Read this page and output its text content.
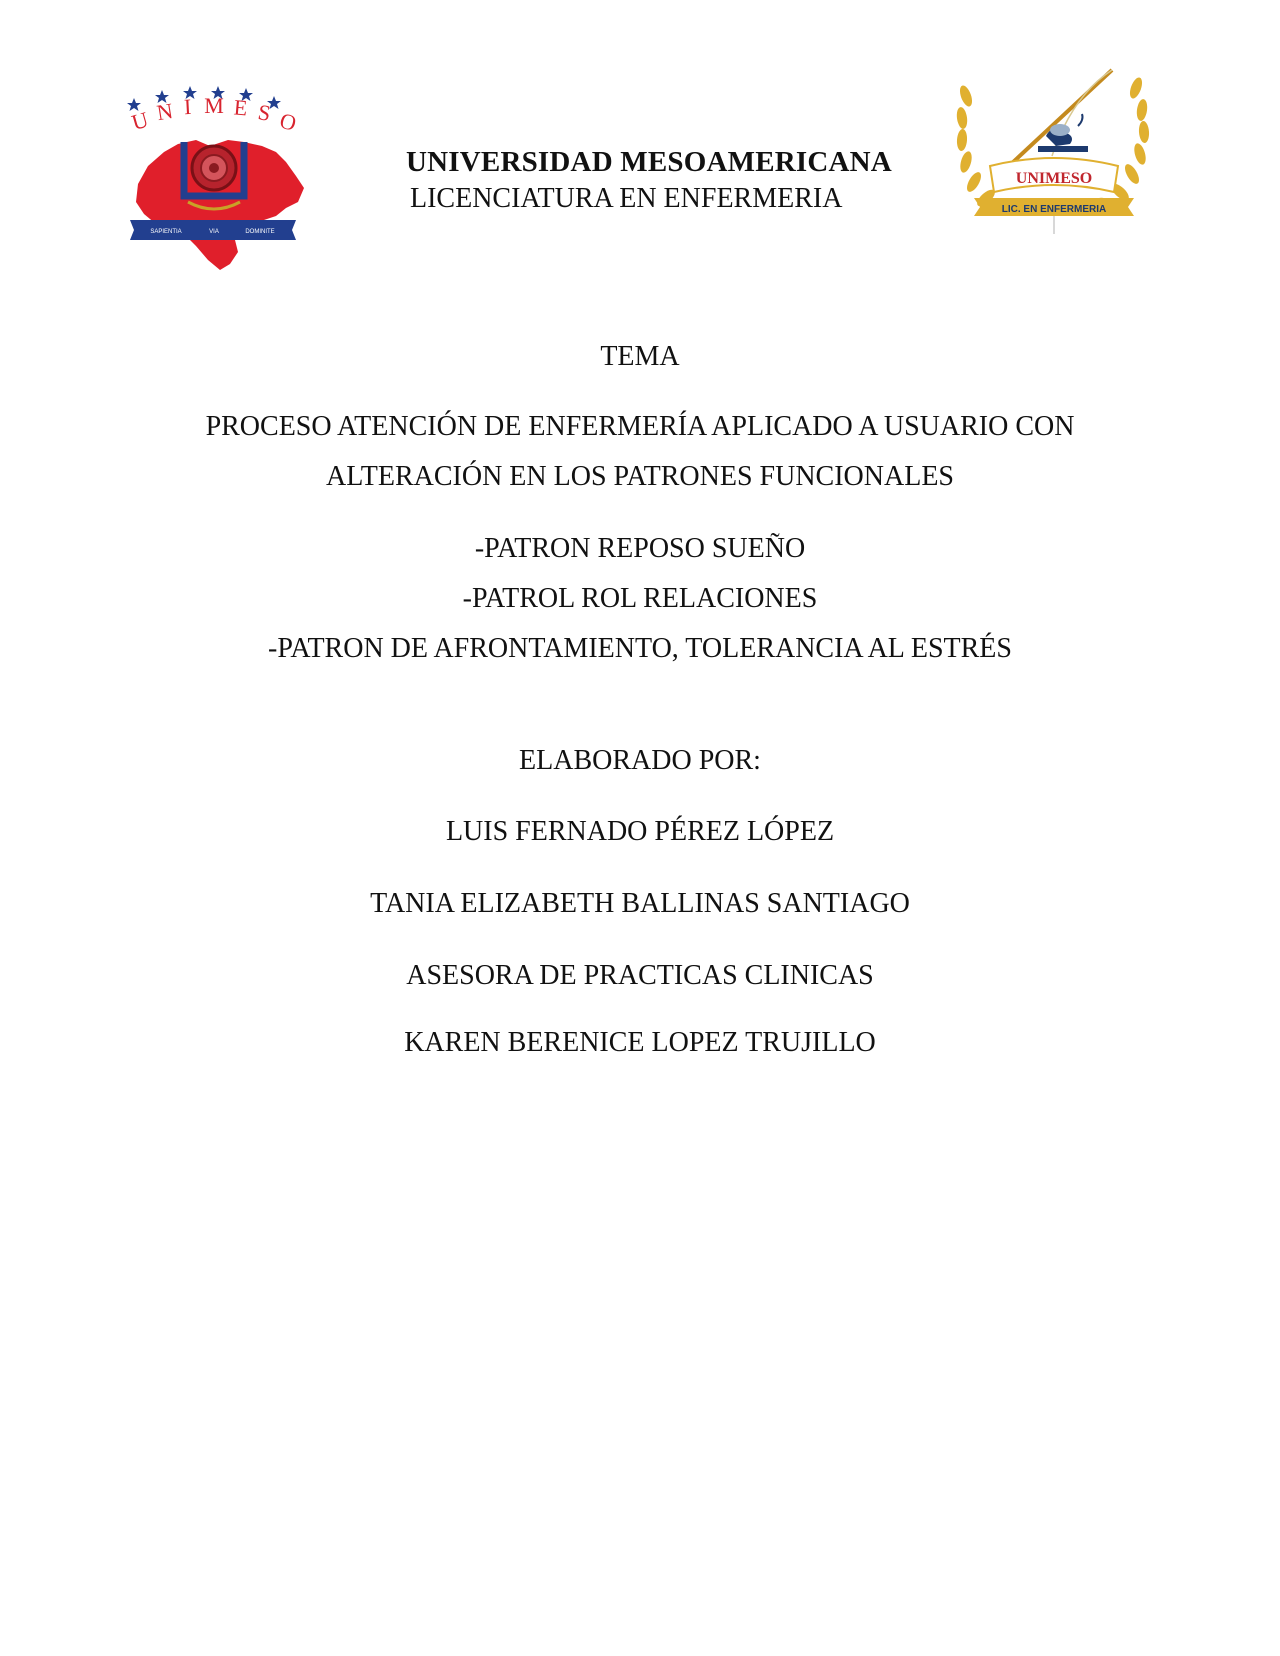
U N I M E S O
SAPIENTIA	VIA	DOMINITE
UNIVERSIDAD MESOAMERICANA
LICENCIATURA EN ENFERMERIA
UNIMESO
LIC. EN ENFERMERIA
TEMA
PROCESO ATENCIÓN DE ENFERMERÍA APLICADO A USUARIO CON
ALTERACIÓN EN LOS PATRONES FUNCIONALES
-PATRON REPOSO SUEÑO
-PATROL ROL RELACIONES
-PATRON DE AFRONTAMIENTO, TOLERANCIA AL ESTRÉS
ELABORADO POR:
LUIS FERNADO PÉREZ LÓPEZ
TANIA ELIZABETH BALLINAS SANTIAGO
ASESORA DE PRACTICAS CLINICAS
KAREN BERENICE LOPEZ TRUJILLO
